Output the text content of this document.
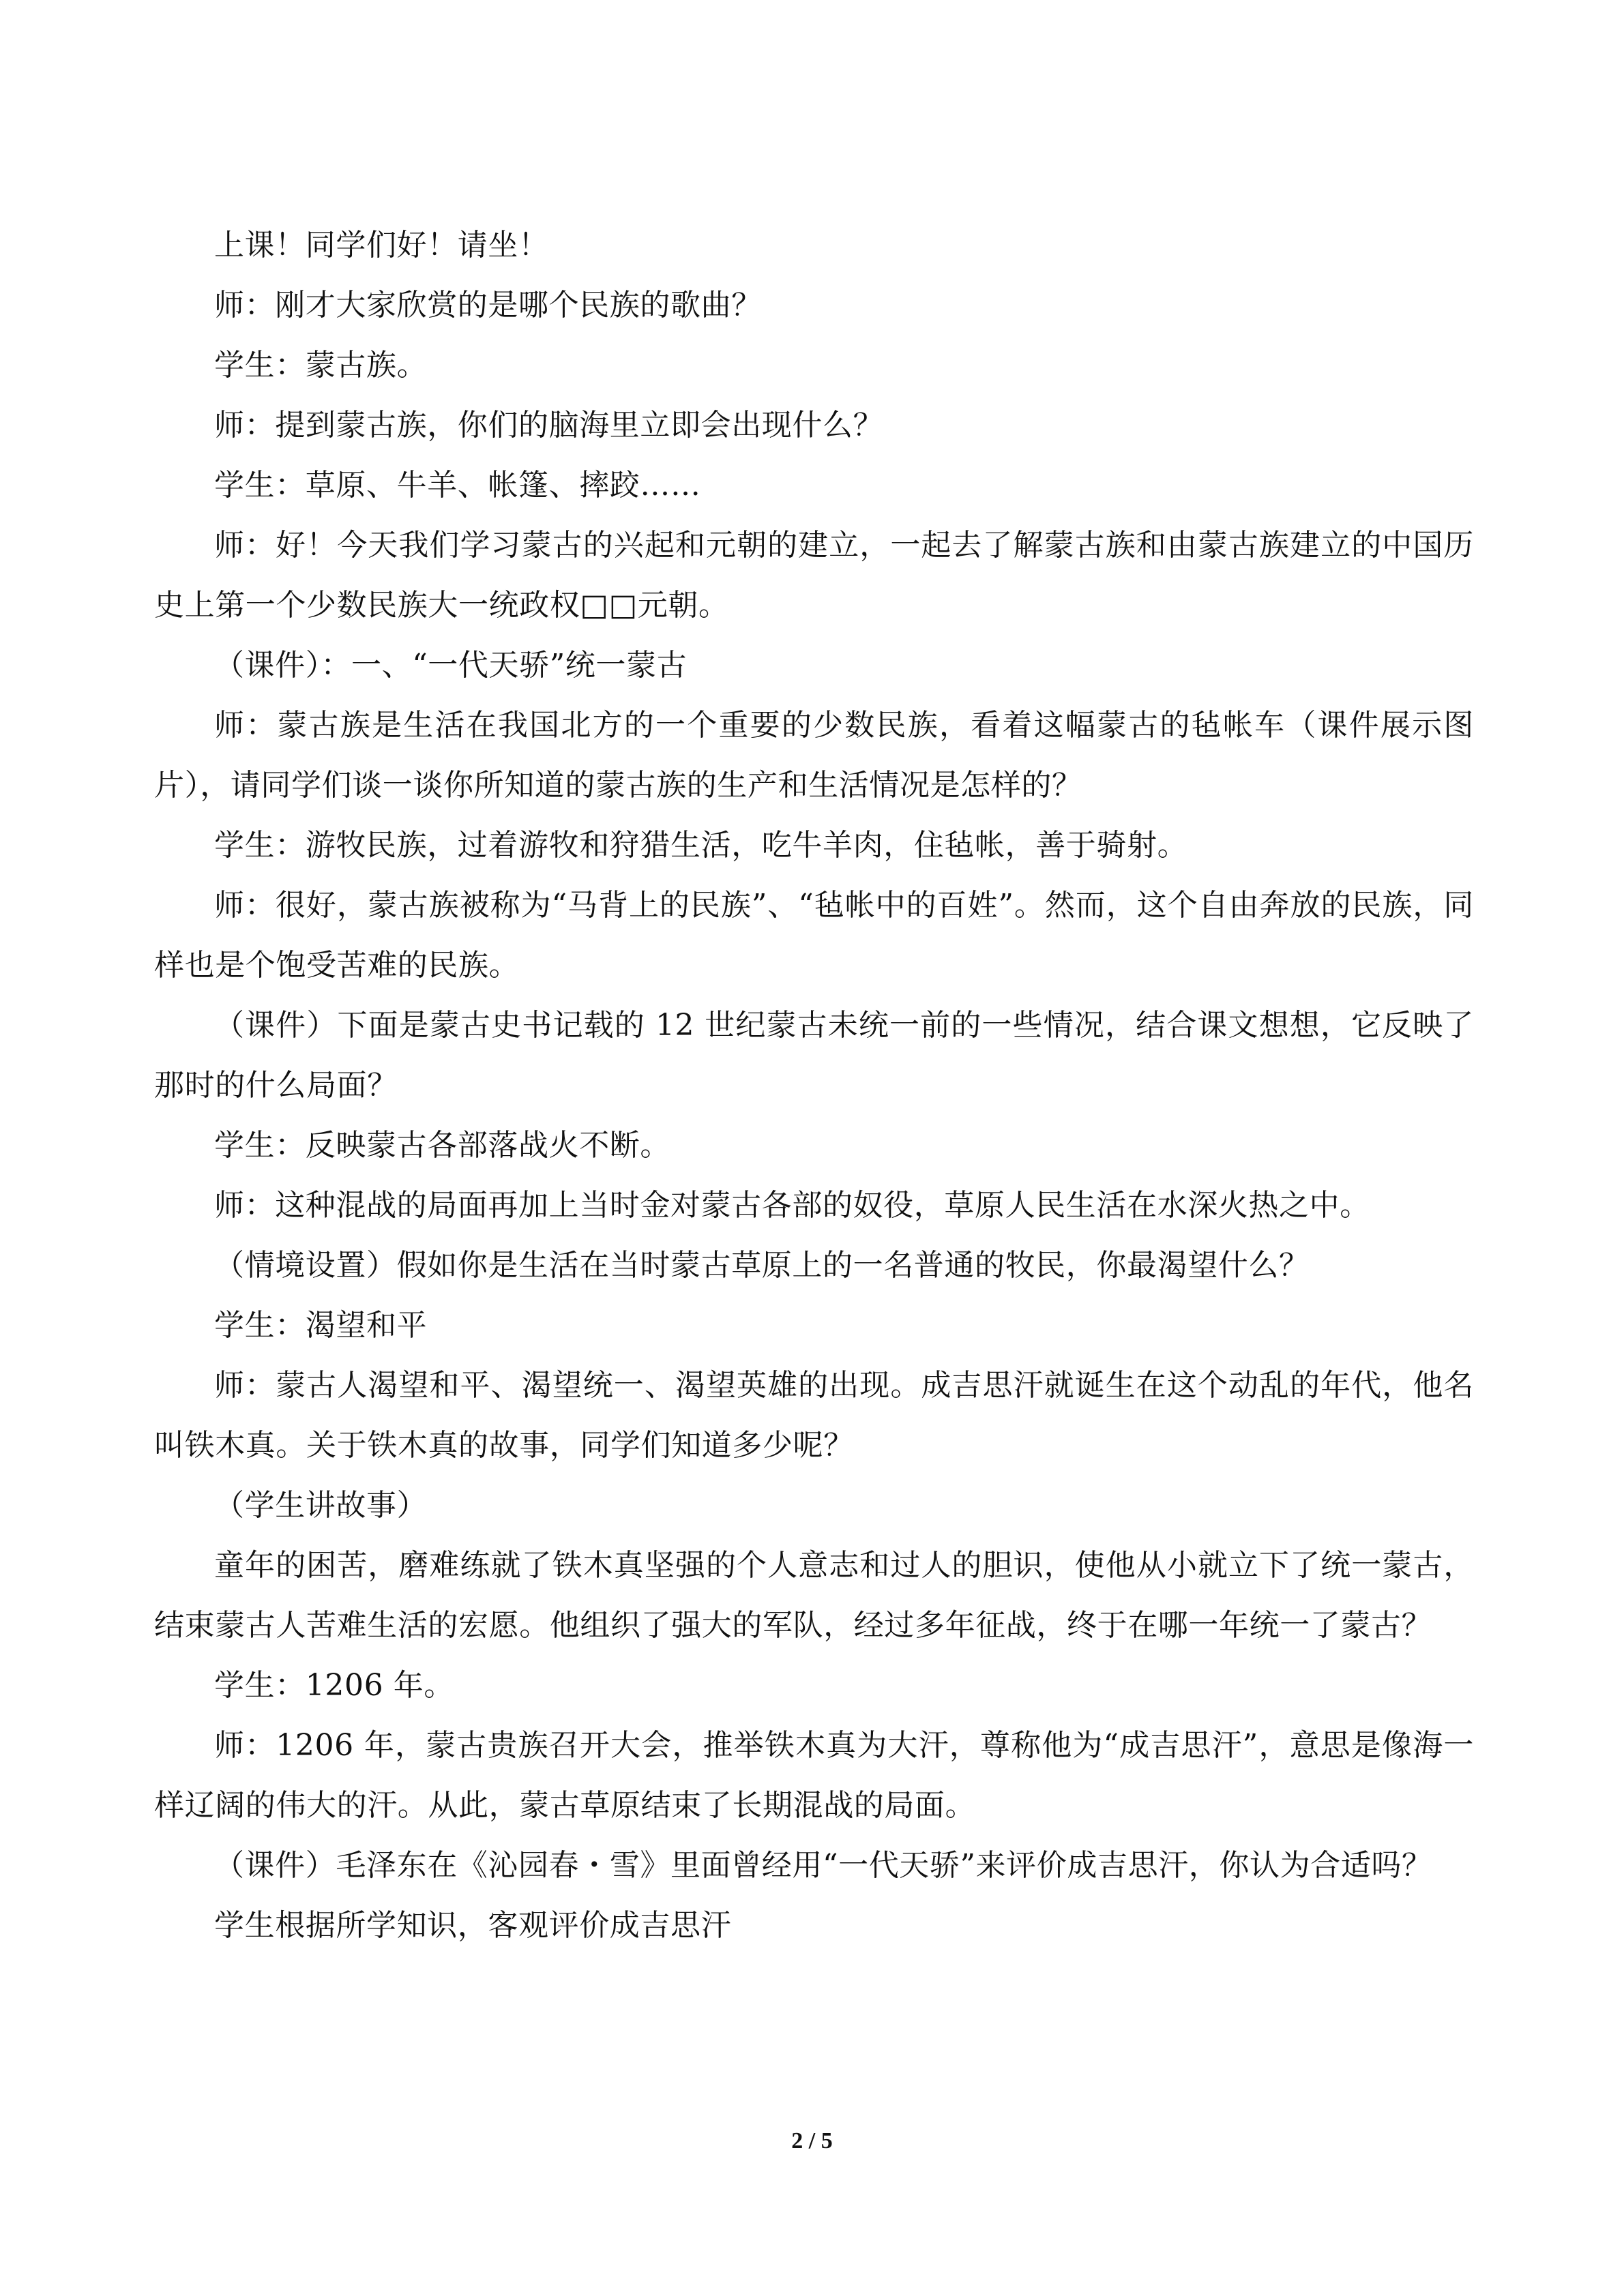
上课！同学们好！请坐！

师：刚才大家欣赏的是哪个民族的歌曲？

学生：蒙古族。

师：提到蒙古族，你们的脑海里立即会出现什么？

学生：草原、牛羊、帐篷、摔跤……

师：好！今天我们学习蒙古的兴起和元朝的建立，一起去了解蒙古族和由蒙古族建立的中国历史上第一个少数民族大一统政权□□元朝。

（课件）：一、“一代天骄”统一蒙古

师：蒙古族是生活在我国北方的一个重要的少数民族，看着这幅蒙古的毡帐车（课件展示图片），请同学们谈一谈你所知道的蒙古族的生产和生活情况是怎样的？

学生：游牧民族，过着游牧和狩猎生活，吃牛羊肉，住毡帐，善于骑射。

师：很好，蒙古族被称为“马背上的民族”、“毡帐中的百姓”。然而，这个自由奔放的民族，同样也是个饱受苦难的民族。

（课件）下面是蒙古史书记载的 12 世纪蒙古未统一前的一些情况，结合课文想想，它反映了那时的什么局面？

学生：反映蒙古各部落战火不断。

师：这种混战的局面再加上当时金对蒙古各部的奴役，草原人民生活在水深火热之中。

（情境设置）假如你是生活在当时蒙古草原上的一名普通的牧民，你最渴望什么？

学生：渴望和平

师：蒙古人渴望和平、渴望统一、渴望英雄的出现。成吉思汗就诞生在这个动乱的年代，他名叫铁木真。关于铁木真的故事，同学们知道多少呢？

（学生讲故事）

童年的困苦，磨难练就了铁木真坚强的个人意志和过人的胆识，使他从小就立下了统一蒙古，结束蒙古人苦难生活的宏愿。他组织了强大的军队，经过多年征战，终于在哪一年统一了蒙古？

学生：1206 年。

师：1206 年，蒙古贵族召开大会，推举铁木真为大汗，尊称他为“成吉思汗”，意思是像海一样辽阔的伟大的汗。从此，蒙古草原结束了长期混战的局面。

（课件）毛泽东在《沁园春・雪》里面曾经用“一代天骄”来评价成吉思汗，你认为合适吗？

学生根据所学知识，客观评价成吉思汗

2 / 5
